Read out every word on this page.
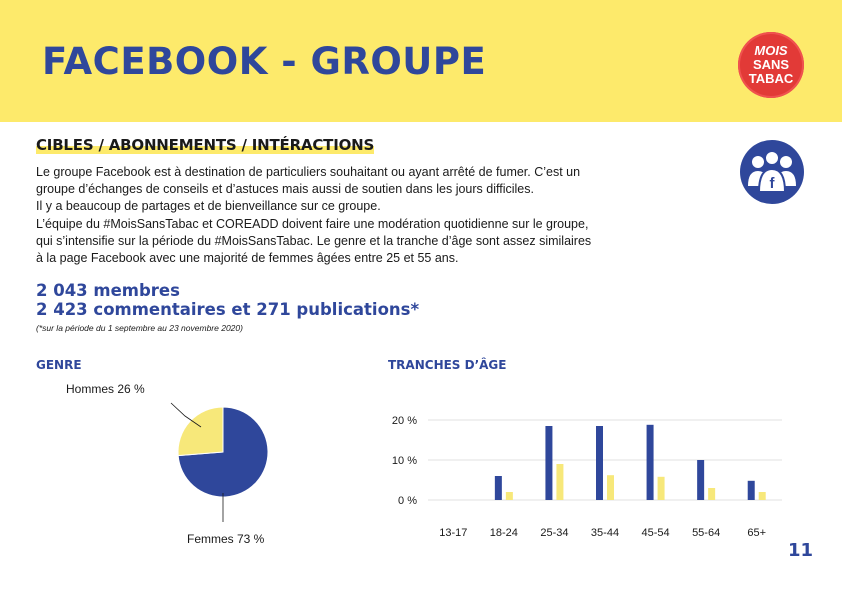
FACEBOOK - GROUPE	MOIS
SANS
TABAC
CIBLES / ABONNEMENTS / INTÉRACTIONS
f

Le groupe Facebook est à destination de particuliers souhaitant ou ayant arrêté de fumer. C’est un

groupe d’échanges de conseils et d’astuces mais aussi de soutien dans les jours difficiles.

Il y a beaucoup de partages et de bienveillance sur ce groupe.

L’équipe du #MoisSansTabac et COREADD doivent faire une modération quotidienne sur le groupe,

qui s’intensifie sur la période du #MoisSansTabac. Le genre et la tranche d’âge sont assez similaires

à la page Facebook avec une majorité de femmes âgées entre 25 et 55 ans.

2 043 membres
2 423 commentaires et 271 publications*
(*sur la période du 1 septembre au 23 novembre 2020)
GENRE	TRANCHES D’ÂGE
Hommes 26 %
Femmes 73 %
0 %
10 %
20 %
13-17 18-24 25-34 35-44 45-54 55-64 65+
11
